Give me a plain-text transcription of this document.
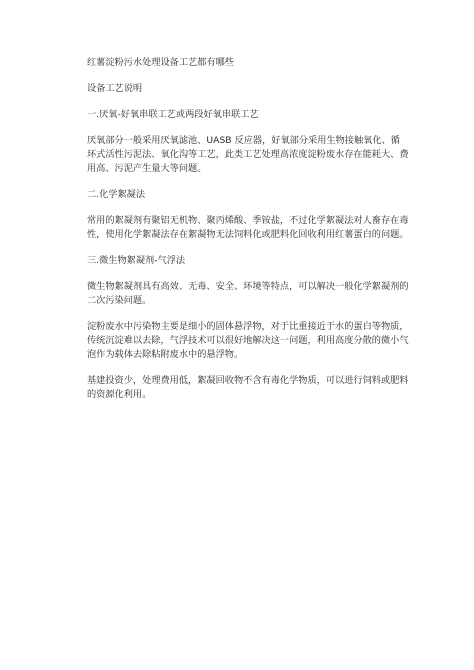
红薯淀粉污水处理设备工艺都有哪些

设备工艺说明

一.厌氧-好氧串联工艺或两段好氧串联工艺

厌氧部分一般采用厌氧滤池、UASB 反应器，好氧部分采用生物接触氧化、循环式活性污泥法、氧化沟等工艺，此类工艺处理高浓度淀粉废水存在能耗大、费用高、污泥产生量大等问题。

二.化学絮凝法

常用的絮凝剂有聚铝无机物、聚丙烯酸、季铵盐，不过化学絮凝法对人畜存在毒性，使用化学絮凝法存在絮凝物无法饲料化或肥料化回收利用红薯蛋白的问题。

三.微生物絮凝剂-气浮法

微生物絮凝剂具有高效、无毒、安全、环境等特点，可以解决一般化学絮凝剂的二次污染问题。

淀粉废水中污染物主要是细小的固体悬浮物，对于比重接近于水的蛋白等物质，传统沉淀难以去除，气浮技术可以很好地解决这一问题，利用高度分散的微小气泡作为载体去除粘附废水中的悬浮物。

基建投资少，处理费用低，絮凝回收物不含有毒化学物质，可以进行饲料或肥料的资源化利用。
